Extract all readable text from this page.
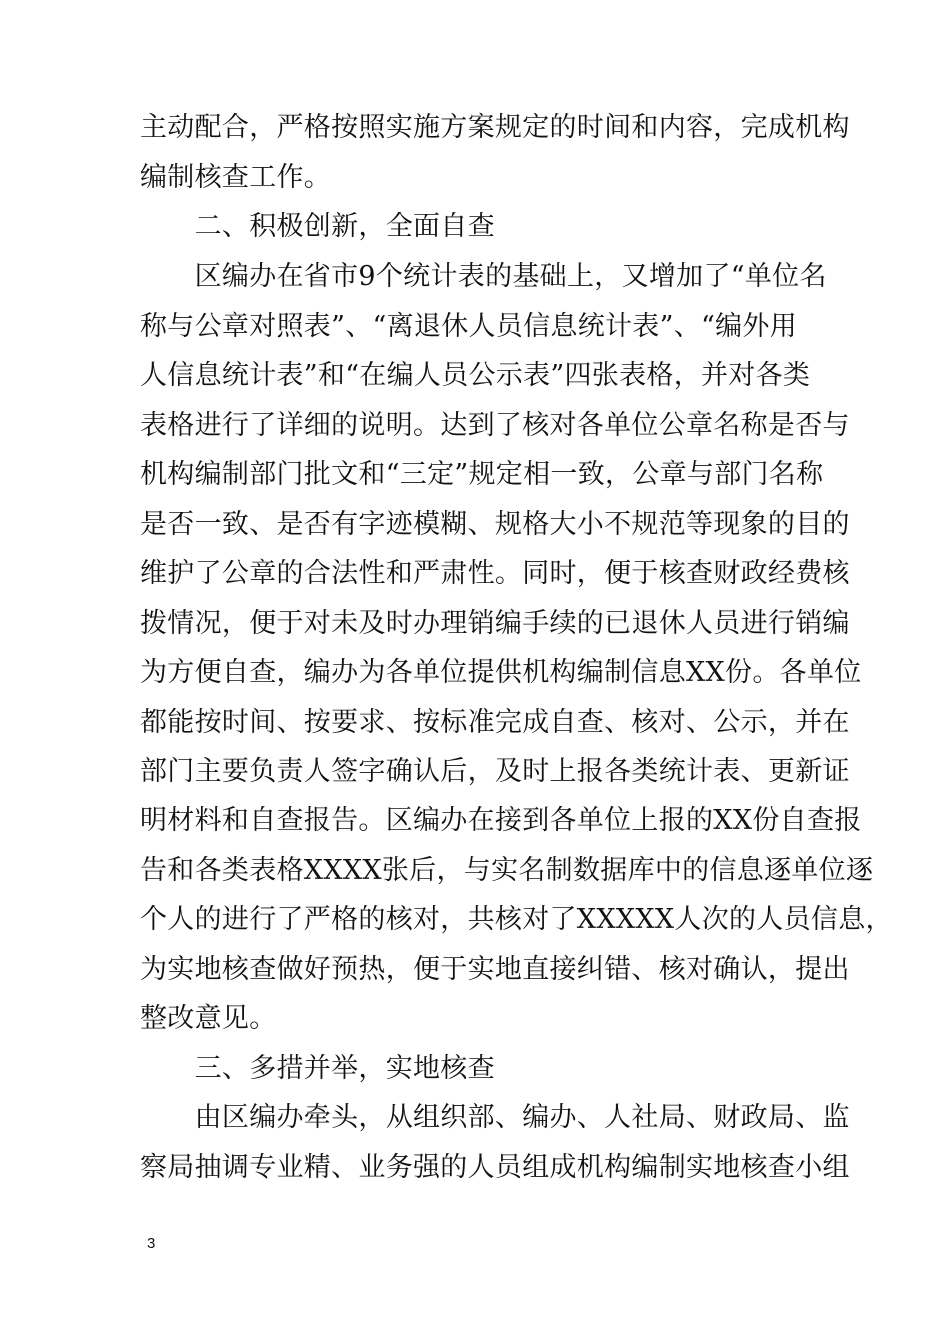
主动配合，严格按照实施方案规定的时间和内容，完成机构
编制核查工作。
　　二、积极创新，全面自查
　　区编办在省市9个统计表的基础上，又增加了“单位名
称与公章对照表”、“离退休人员信息统计表”、“编外用
人信息统计表”和“在编人员公示表”四张表格，并对各类
表格进行了详细的说明。达到了核对各单位公章名称是否与
机构编制部门批文和“三定”规定相一致，公章与部门名称
是否一致、是否有字迹模糊、规格大小不规范等现象的目的
维护了公章的合法性和严肃性。同时，便于核查财政经费核
拨情况，便于对未及时办理销编手续的已退休人员进行销编
为方便自查，编办为各单位提供机构编制信息XX份。各单位
都能按时间、按要求、按标准完成自查、核对、公示，并在
部门主要负责人签字确认后，及时上报各类统计表、更新证
明材料和自查报告。区编办在接到各单位上报的XX份自查报
告和各类表格XXXX张后，与实名制数据库中的信息逐单位逐
个人的进行了严格的核对，共核对了XXXXX人次的人员信息，
为实地核查做好预热，便于实地直接纠错、核对确认，提出
整改意见。
　　三、多措并举，实地核查
　　由区编办牵头，从组织部、编办、人社局、财政局、监
察局抽调专业精、业务强的人员组成机构编制实地核查小组
3
